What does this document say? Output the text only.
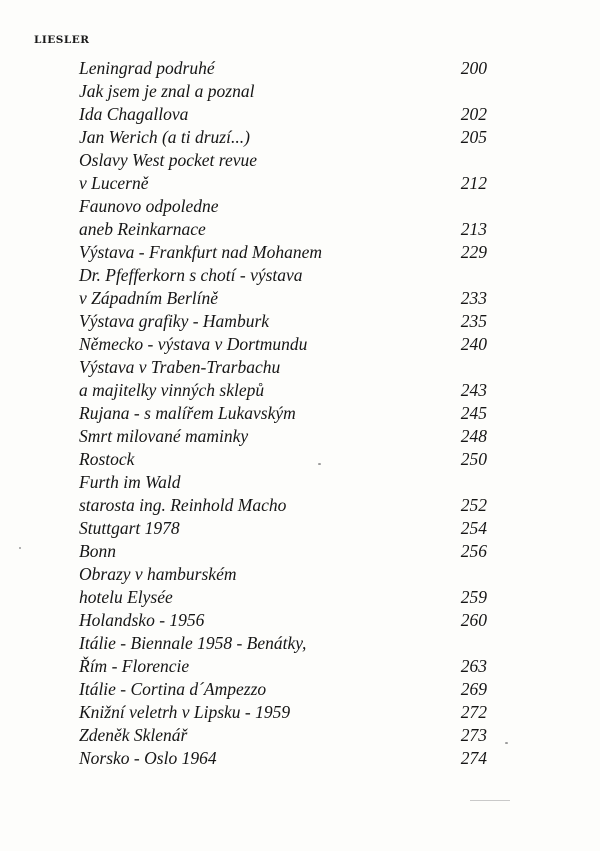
LIESLER
Leningrad podruhé	200
Jak jsem je znal a poznal
Ida Chagallova	202
Jan Werich (a ti druzí...)	205
Oslavy West pocket revue
v Lucerně	212
Faunovo odpoledne
aneb Reinkarnace	213
Výstava - Frankfurt nad Mohanem	229
Dr. Pfefferkorn s chotí - výstava
v Západním Berlíně	233
Výstava grafiky - Hamburk	235
Německo - výstava v Dortmundu	240
Výstava v Traben-Trarbachu
a majitelky vinných sklepů	243
Rujana - s malířem Lukavským	245
Smrt milované maminky	248
Rostock	250
Furth im Wald
starosta ing. Reinhold Macho	252
Stuttgart 1978	254
Bonn	256
Obrazy v hamburském
hotelu Elysée	259
Holandsko - 1956	260
Itálie - Biennale 1958 - Benátky,
Řím - Florencie	263
Itálie - Cortina d´Ampezzo	269
Knižní veletrh v Lipsku - 1959	272
Zdeněk Sklenář	273
Norsko - Oslo 1964	274
